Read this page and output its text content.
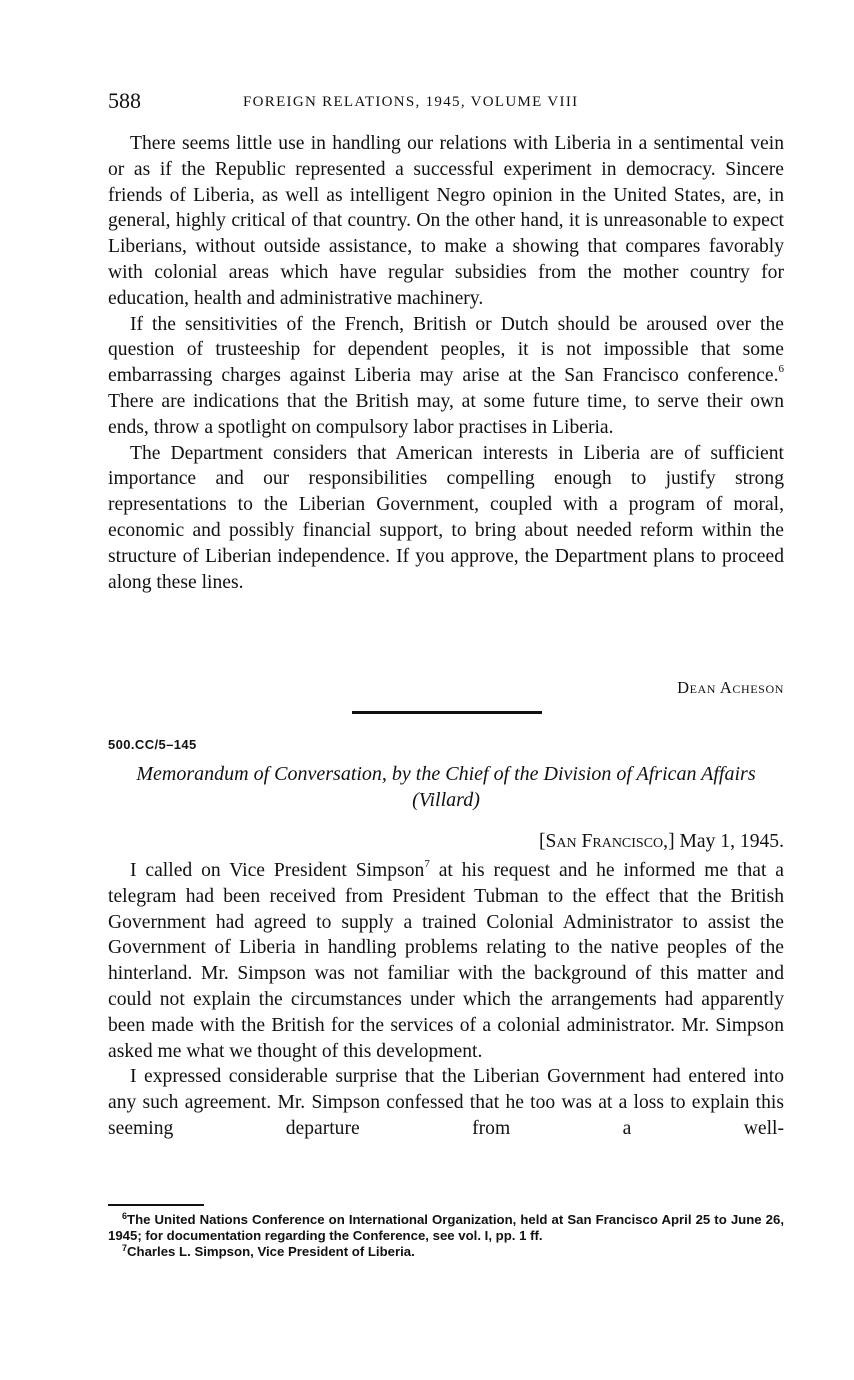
588	FOREIGN RELATIONS, 1945, VOLUME VIII

There seems little use in handling our relations with Liberia in a sentimental vein or as if the Republic represented a successful experiment in democracy. Sincere friends of Liberia, as well as intelligent Negro opinion in the United States, are, in general, highly critical of that country. On the other hand, it is unreasonable to expect Liberians, without outside assistance, to make a showing that compares favorably with colonial areas which have regular subsidies from the mother country for education, health and administrative machinery.

If the sensitivities of the French, British or Dutch should be aroused over the question of trusteeship for dependent peoples, it is not impossible that some embarrassing charges against Liberia may arise at the San Francisco conference.$^6$ There are indications that the British may, at some future time, to serve their own ends, throw a spotlight on compulsory labor practises in Liberia.

The Department considers that American interests in Liberia are of sufficient importance and our responsibilities compelling enough to justify strong representations to the Liberian Government, coupled with a program of moral, economic and possibly financial support, to bring about needed reform within the structure of Liberian independence. If you approve, the Department plans to proceed along these lines.

Dean Acheson
500.CC/5–145
Memorandum of Conversation, by the Chief of the Division of African Affairs (Villard)
[San Francisco,] May 1, 1945.

I called on Vice President Simpson$^7$ at his request and he informed me that a telegram had been received from President Tubman to the effect that the British Government had agreed to supply a trained Colonial Administrator to assist the Government of Liberia in handling problems relating to the native peoples of the hinterland. Mr. Simpson was not familiar with the background of this matter and could not explain the circumstances under which the arrangements had apparently been made with the British for the services of a colonial administrator. Mr. Simpson asked me what we thought of this development.

I expressed considerable surprise that the Liberian Government had entered into any such agreement. Mr. Simpson confessed that he too was at a loss to explain this seeming departure from a well-

$^6$The United Nations Conference on International Organization, held at San Francisco April 25 to June 26, 1945; for documentation regarding the Conference, see vol. I, pp. 1 ff.

$^7$Charles L. Simpson, Vice President of Liberia.
